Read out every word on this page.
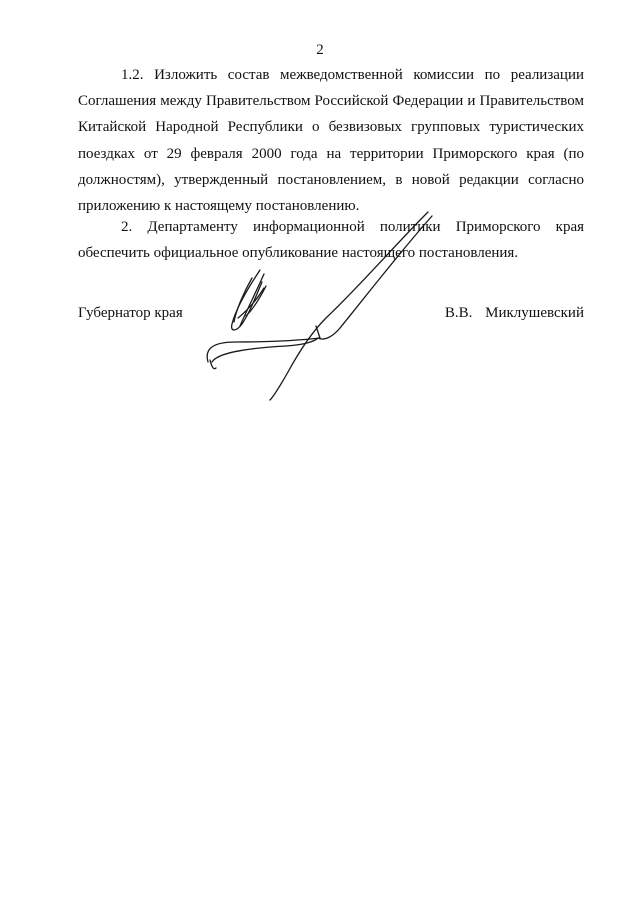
2

1.2. Изложить состав межведомственной комиссии по реализации Соглашения между Правительством Российской Федерации и Правительством Китайской Народной Республики о безвизовых групповых туристических поездках от 29 февраля 2000 года на территории Приморского края (по должностям), утвержденный постановлением, в новой редакции согласно приложению к настоящему постановлению.

2. Департаменту информационной политики Приморского края обеспечить официальное опубликование настоящего постановления.

Губернатор края	В.В. Миклушевский
